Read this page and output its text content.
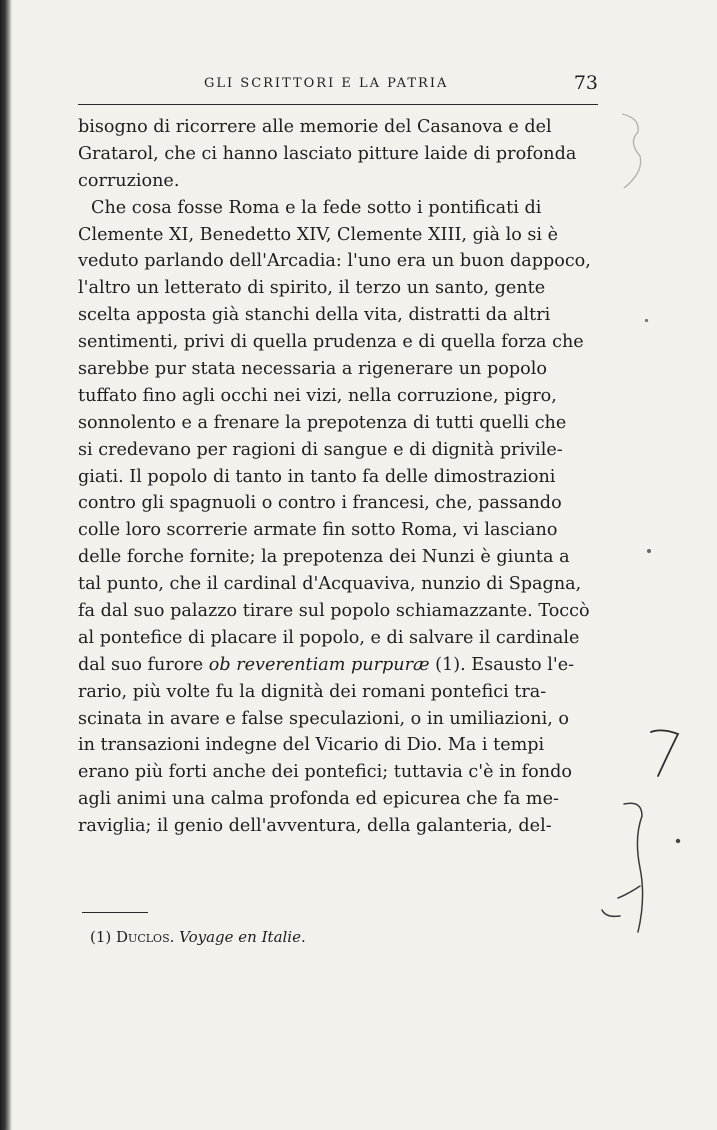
GLI SCRITTORI E LA PATRIA	73
bisogno di ricorrere alle memorie del Casanova e del
Gratarol, che ci hanno lasciato pitture laide di profonda
corruzione.
Che cosa fosse Roma e la fede sotto i pontificati di
Clemente XI, Benedetto XIV, Clemente XIII, già lo si è
veduto parlando dell'Arcadia: l'uno era un buon dappoco,
l'altro un letterato di spirito, il terzo un santo, gente
scelta apposta già stanchi della vita, distratti da altri
sentimenti, privi di quella prudenza e di quella forza che
sarebbe pur stata necessaria a rigenerare un popolo
tuffato fino agli occhi nei vizi, nella corruzione, pigro,
sonnolento e a frenare la prepotenza di tutti quelli che
si credevano per ragioni di sangue e di dignità privile-
giati. Il popolo di tanto in tanto fa delle dimostrazioni
contro gli spagnuoli o contro i francesi, che, passando
colle loro scorrerie armate fin sotto Roma, vi lasciano
delle forche fornite; la prepotenza dei Nunzi è giunta a
tal punto, che il cardinal d'Acquaviva, nunzio di Spagna,
fa dal suo palazzo tirare sul popolo schiamazzante. Toccò
al pontefice di placare il popolo, e di salvare il cardinale
dal suo furore ob reverentiam purpuræ (1). Esausto l'e-
rario, più volte fu la dignità dei romani pontefici tra-
scinata in avare e false speculazioni, o in umiliazioni, o
in transazioni indegne del Vicario di Dio. Ma i tempi
erano più forti anche dei pontefici; tuttavia c'è in fondo
agli animi una calma profonda ed epicurea che fa me-
raviglia; il genio dell'avventura, della galanteria, del-
(1) Duclos. Voyage en Italie.
